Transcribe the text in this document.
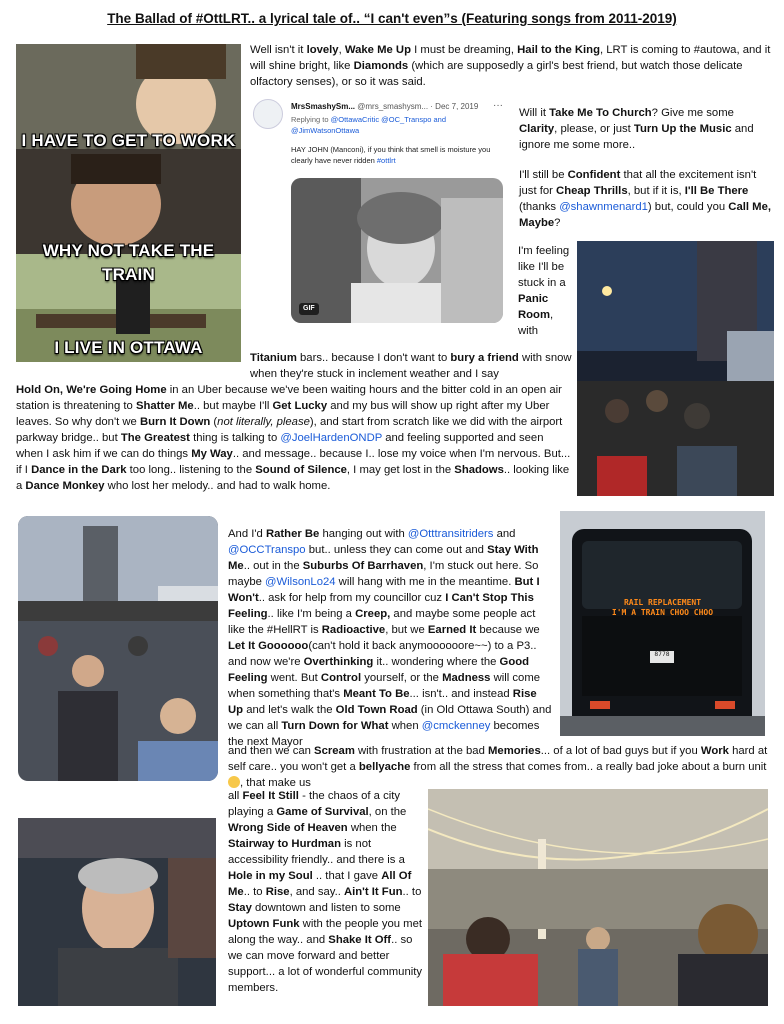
The Ballad of #OttLRT.. a lyrical tale of.. “I can't even”s (Featuring songs from 2011-2019)
I HAVE TO GET TO WORK
WHY NOT TAKE THE TRAIN
I LIVE IN OTTAWA
Well isn't it lovely, Wake Me Up I must be dreaming, Hail to the King, LRT is coming to #autowa, and it will shine bright, like Diamonds (which are supposedly a girl's best friend, but watch those delicate olfactory senses), or so it was said.
MrsSmashySm... @mrs_smashysm... · Dec 7, 2019 ···
Replying to @OttawaCritic @OC_Transpo and @JimWatsonOttawa
HAY JOHN (Manconi), if you think that smell is moisture you clearly have never ridden #ottlrt
GIF

Will it Take Me To Church? Give me some Clarity, please, or just Turn Up the Music and ignore me some more..

I'll still be Confident that all the excitement isn't just for Cheap Thrills, but if it is, I'll Be There (thanks @shawnmenard1) but, could you Call Me, Maybe?

I'm feeling like I'll be stuck in a Panic Room, with
Titanium bars.. because I don't want to bury a friend with snow when they're stuck in inclement weather and I say
Hold On, We're Going Home in an Uber because we've been waiting hours and the bitter cold in an open air station is threatening to Shatter Me.. but maybe I'll Get Lucky and my bus will show up right after my Uber leaves. So why don't we Burn It Down (not literally, please), and start from scratch like we did with the airport parkway bridge.. but The Greatest thing is talking to @JoelHardenONDP and feeling supported and seen when I ask him if we can do things My Way.. and message.. because I.. lose my voice when I'm nervous. But... if I Dance in the Dark too long.. listening to the Sound of Silence, I may get lost in the Shadows.. looking like a Dance Monkey who lost her melody.. and had to walk home.
And I'd Rather Be hanging out with @Otttransitriders and @OCCTranspo but.. unless they can come out and Stay With Me.. out in the Suburbs Of Barrhaven, I'm stuck out here. So maybe @WilsonLo24 will hang with me in the meantime. But I Won't.. ask for help from my councillor cuz I Can't Stop This Feeling.. like I'm being a Creep, and maybe some people act like the #HellRT is Radioactive, but we Earned It because we Let It Goooooo(can't hold it back anymoooooore~~) to a P3.. and now we're Overthinking it.. wondering where the Good Feeling went. But Control yourself, or the Madness will come when something that's Meant To Be... isn't.. and instead Rise Up and let's walk the Old Town Road (in Old Ottawa South) and we can all Turn Down for What when @cmckenney becomes the next Mayor
RAIL REPLACEMENT
I'M A TRAIN CHOO CHOO
8778
and then we can Scream with frustration at the bad Memories... of a lot of bad guys but if you Work hard at self care.. you won't get a bellyache from all the stress that comes from.. a really bad joke about a burn unit , that make us
all Feel It Still - the chaos of a city playing a Game of Survival, on the Wrong Side of Heaven when the Stairway to Hurdman is not accessibility friendly.. and there is a Hole in my Soul .. that I gave All Of Me.. to Rise, and say.. Ain't It Fun.. to Stay downtown and listen to some Uptown Funk with the people you met along the way.. and Shake It Off.. so we can move forward and better support... a lot of wonderful community members.
